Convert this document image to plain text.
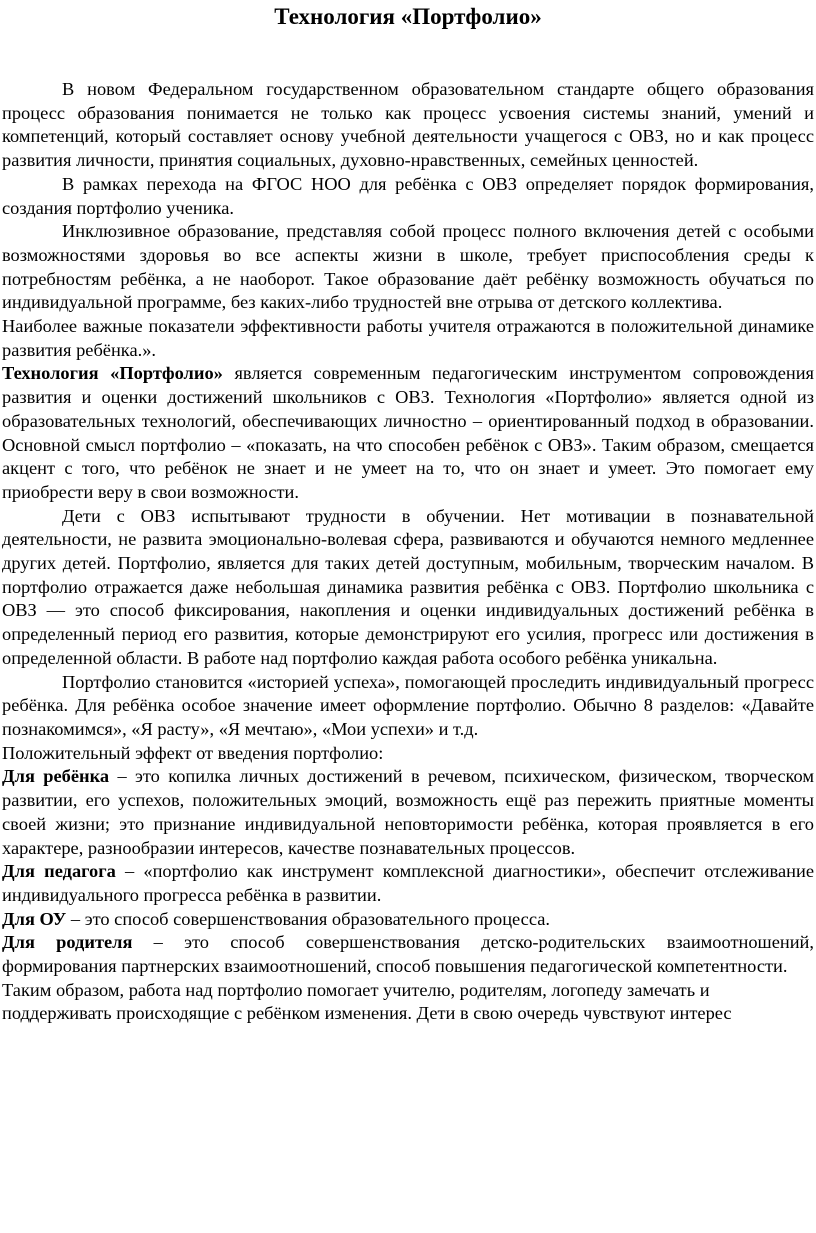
Технология «Портфолио»

В новом Федеральном государственном образовательном стандарте общего образования процесс образования понимается не только как процесс усвоения системы знаний, умений и компетенций, который составляет основу учебной деятельности учащегося с ОВЗ, но и как процесс развития личности, принятия социальных, духовно-нравственных, семейных ценностей.

В рамках перехода на ФГОС НОО для ребёнка с ОВЗ определяет порядок формирования, создания портфолио ученика.

Инклюзивное образование, представляя собой процесс полного включения детей с особыми возможностями здоровья во все аспекты жизни в школе, требует приспособления среды к потребностям ребёнка, а не наоборот. Такое образование даёт ребёнку возможность обучаться по индивидуальной программе, без каких-либо трудностей вне отрыва от детского коллектива.

Наиболее важные показатели эффективности работы учителя отражаются в положительной динамике развития ребёнка.».

Технология «Портфолио» является современным педагогическим инструментом сопровождения развития и оценки достижений школьников с ОВЗ. Технология «Портфолио» является одной из образовательных технологий, обеспечивающих личностно – ориентированный подход в образовании. Основной смысл портфолио – «показать, на что способен ребёнок с ОВЗ». Таким образом, смещается акцент с того, что ребёнок не знает и не умеет на то, что он знает и умеет. Это помогает ему приобрести веру в свои возможности.

Дети с ОВЗ испытывают трудности в обучении. Нет мотивации в познавательной деятельности, не развита эмоционально-волевая сфера, развиваются и обучаются немного медленнее других детей. Портфолио, является для таких детей доступным, мобильным, творческим началом. В портфолио отражается даже небольшая динамика развития ребёнка с ОВЗ. Портфолио школьника с ОВЗ — это способ фиксирования, накопления и оценки индивидуальных достижений ребёнка в определенный период его развития, которые демонстрируют его усилия, прогресс или достижения в определенной области. В работе над портфолио каждая работа особого ребёнка уникальна.

Портфолио становится «историей успеха», помогающей проследить индивидуальный прогресс ребёнка. Для ребёнка особое значение имеет оформление портфолио. Обычно 8 разделов: «Давайте познакомимся», «Я расту», «Я мечтаю», «Мои успехи» и т.д.

Положительный эффект от введения портфолио:

Для ребёнка – это копилка личных достижений в речевом, психическом, физическом, творческом развитии, его успехов, положительных эмоций, возможность ещё раз пережить приятные моменты своей жизни; это признание индивидуальной неповторимости ребёнка, которая проявляется в его характере, разнообразии интересов, качестве познавательных процессов.

Для педагога – «портфолио как инструмент комплексной диагностики», обеспечит отслеживание индивидуального прогресса ребёнка в развитии.

Для ОУ – это способ совершенствования образовательного процесса.

Для родителя – это способ совершенствования детско-родительских взаимоотношений, формирования партнерских взаимоотношений, способ повышения педагогической компетентности.

Таким образом, работа над портфолио помогает учителю, родителям, логопеду замечать и поддерживать происходящие с ребёнком изменения. Дети в свою очередь чувствуют интерес
